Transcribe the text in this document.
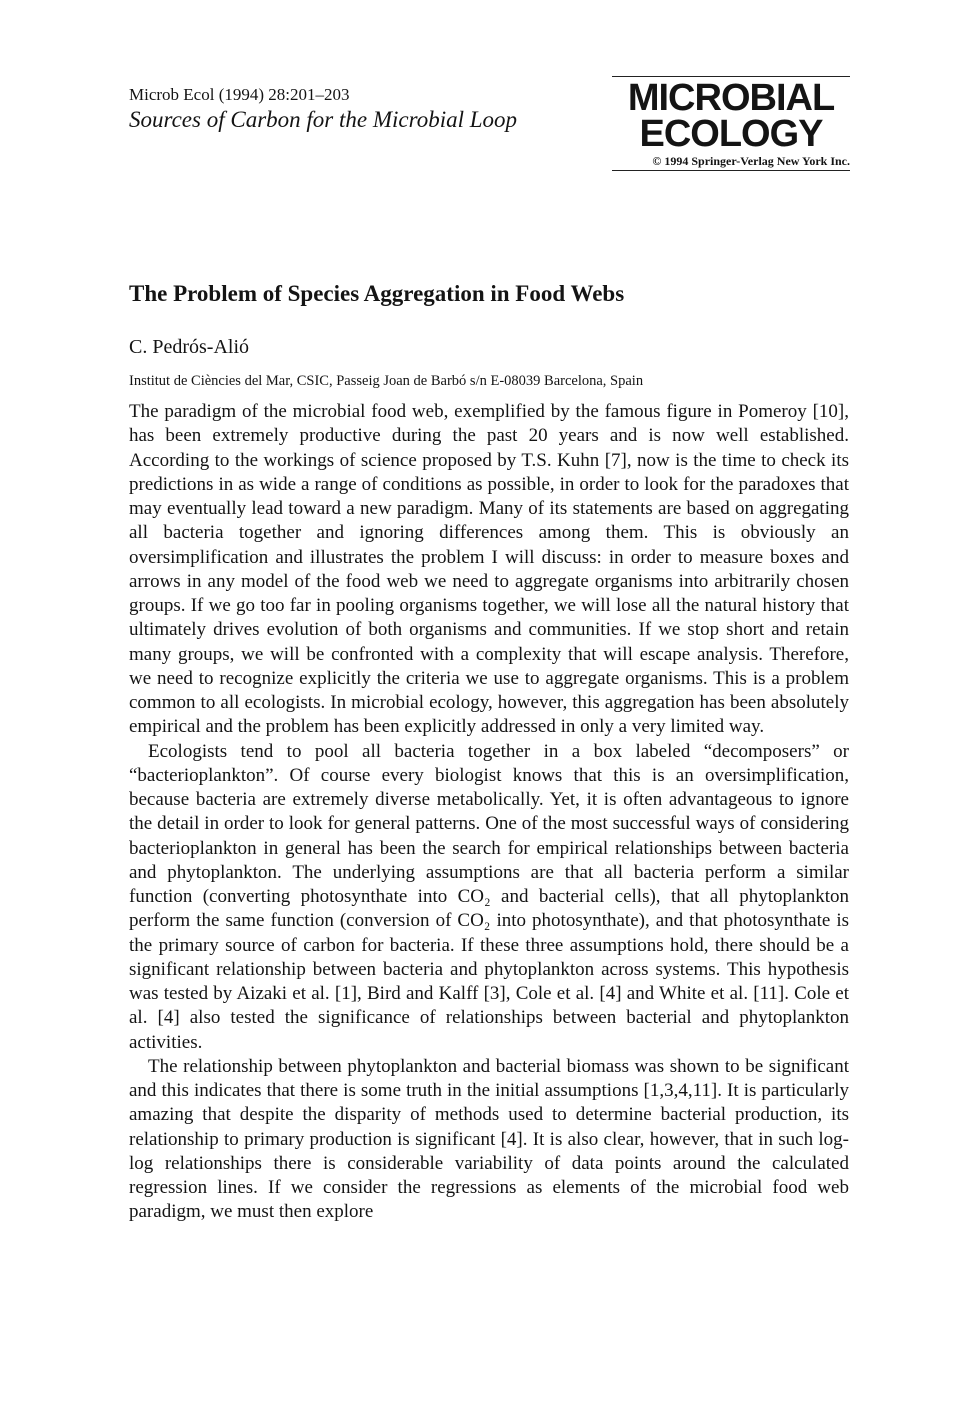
Microb Ecol (1994) 28:201–203
Sources of Carbon for the Microbial Loop
MICROBIAL
ECOLOGY
© 1994 Springer-Verlag New York Inc.
The Problem of Species Aggregation in Food Webs
C. Pedrós-Alió
Institut de Ciències del Mar, CSIC, Passeig Joan de Barbó s/n E-08039 Barcelona, Spain

The paradigm of the microbial food web, exemplified by the famous figure in Pomeroy [10], has been extremely productive during the past 20 years and is now well established. According to the workings of science proposed by T.S. Kuhn [7], now is the time to check its predictions in as wide a range of conditions as possible, in order to look for the paradoxes that may eventually lead toward a new paradigm. Many of its statements are based on aggregating all bacteria together and ignoring differences among them. This is obviously an oversimplification and illustrates the problem I will discuss: in order to measure boxes and arrows in any model of the food web we need to aggregate organisms into arbitrarily chosen groups. If we go too far in pooling organisms together, we will lose all the natural history that ultimately drives evolution of both organisms and communities. If we stop short and retain many groups, we will be confronted with a complexity that will escape analysis. Therefore, we need to recognize explicitly the criteria we use to aggregate organisms. This is a problem common to all ecologists. In microbial ecology, however, this aggregation has been absolutely empirical and the problem has been explicitly addressed in only a very limited way.

Ecologists tend to pool all bacteria together in a box labeled “decomposers” or “bacterioplankton”. Of course every biologist knows that this is an oversimplification, because bacteria are extremely diverse metabolically. Yet, it is often advantageous to ignore the detail in order to look for general patterns. One of the most successful ways of considering bacterioplankton in general has been the search for empirical relationships between bacteria and phytoplankton. The underlying assumptions are that all bacteria perform a similar function (converting photosynthate into CO₂ and bacterial cells), that all phytoplankton perform the same function (conversion of CO₂ into photosynthate), and that photosynthate is the primary source of carbon for bacteria. If these three assumptions hold, there should be a significant relationship between bacteria and phytoplankton across systems. This hypothesis was tested by Aizaki et al. [1], Bird and Kalff [3], Cole et al. [4] and White et al. [11]. Cole et al. [4] also tested the significance of relationships between bacterial and phytoplankton activities.

The relationship between phytoplankton and bacterial biomass was shown to be significant and this indicates that there is some truth in the initial assumptions [1,3,4,11]. It is particularly amazing that despite the disparity of methods used to determine bacterial production, its relationship to primary production is significant [4]. It is also clear, however, that in such log-log relationships there is considerable variability of data points around the calculated regression lines. If we consider the regressions as elements of the microbial food web paradigm, we must then explore
